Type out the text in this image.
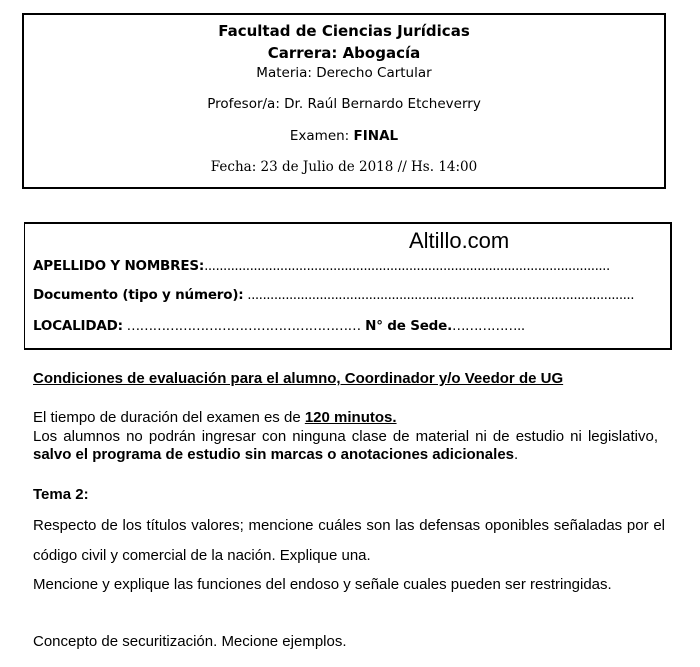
Facultad de Ciencias Jurídicas
Carrera: Abogacía
Materia: Derecho Cartular
Profesor/a: Dr. Raúl Bernardo Etcheverry
Examen: FINAL
Fecha: 23 de Julio de 2018 // Hs. 14:00
Altillo.com
APELLIDO Y NOMBRES:...........................................................................................................
Documento (tipo y número): ......................................................................................................
LOCALIDAD: ……………………………………………… N° de Sede.……………..
Condiciones de evaluación para el alumno, Coordinador y/o Veedor de UG
El tiempo de duración del examen es de 120 minutos.
Los alumnos no podrán ingresar con ninguna clase de material ni de estudio ni legislativo, salvo el programa de estudio sin marcas o anotaciones adicionales.
Tema 2:
Respecto de los títulos valores; mencione cuáles son las defensas oponibles señaladas por el código civil y comercial de la nación. Explique una.
Mencione y explique las funciones del endoso y señale cuales pueden ser restringidas.
Concepto de securitización. Mecione ejemplos.
